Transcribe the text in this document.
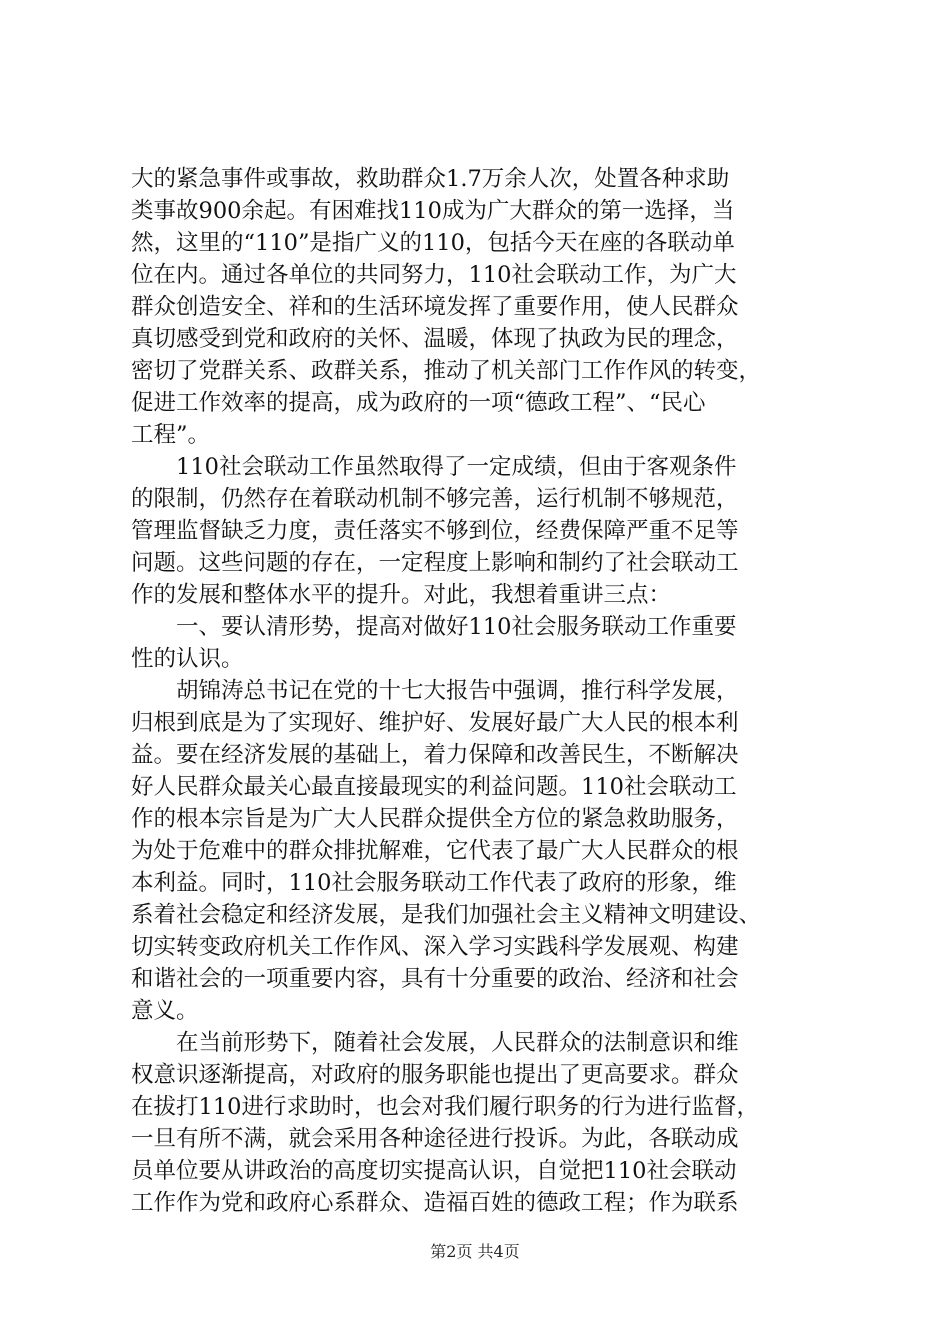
大的紧急事件或事故，救助群众1.7万余人次，处置各种求助
类事故900余起。有困难找110成为广大群众的第一选择，当
然，这里的“110”是指广义的110，包括今天在座的各联动单
位在内。通过各单位的共同努力，110社会联动工作，为广大
群众创造安全、祥和的生活环境发挥了重要作用，使人民群众
真切感受到党和政府的关怀、温暖，体现了执政为民的理念，
密切了党群关系、政群关系，推动了机关部门工作作风的转变，
促进工作效率的提高，成为政府的一项“德政工程”、“民心
工程”。
　　110社会联动工作虽然取得了一定成绩，但由于客观条件
的限制，仍然存在着联动机制不够完善，运行机制不够规范，
管理监督缺乏力度，责任落实不够到位，经费保障严重不足等
问题。这些问题的存在，一定程度上影响和制约了社会联动工
作的发展和整体水平的提升。对此，我想着重讲三点：
　　一、要认清形势，提高对做好110社会服务联动工作重要
性的认识。
　　胡锦涛总书记在党的十七大报告中强调，推行科学发展，
归根到底是为了实现好、维护好、发展好最广大人民的根本利
益。要在经济发展的基础上，着力保障和改善民生，不断解决
好人民群众最关心最直接最现实的利益问题。110社会联动工
作的根本宗旨是为广大人民群众提供全方位的紧急救助服务，
为处于危难中的群众排扰解难，它代表了最广大人民群众的根
本利益。同时，110社会服务联动工作代表了政府的形象，维
系着社会稳定和经济发展，是我们加强社会主义精神文明建设、
切实转变政府机关工作作风、深入学习实践科学发展观、构建
和谐社会的一项重要内容，具有十分重要的政治、经济和社会
意义。
　　在当前形势下，随着社会发展，人民群众的法制意识和维
权意识逐渐提高，对政府的服务职能也提出了更高要求。群众
在拔打110进行求助时，也会对我们履行职务的行为进行监督，
一旦有所不满，就会采用各种途径进行投诉。为此，各联动成
员单位要从讲政治的高度切实提高认识，自觉把110社会联动
工作作为党和政府心系群众、造福百姓的德政工程；作为联系
第2页 共4页
